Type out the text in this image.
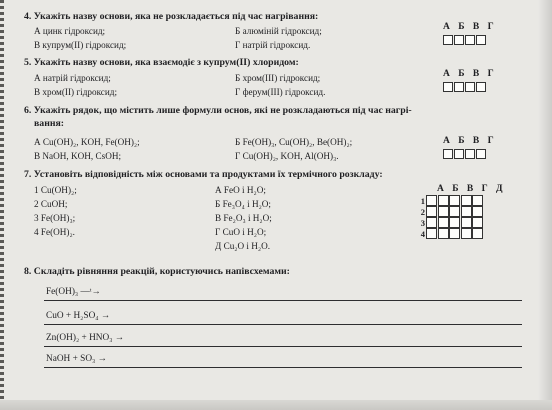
4. Укажіть назву основи, яка не розкладається під час нагрівання:
А цинк гідроксид;	Б алюміній гідроксид;
В купрум(ІІ) гідроксид;	Г натрій гідроксид.
А Б В Г
5. Укажіть назву основи, яка взаємодіє з купрум(ІІ) хлоридом:
А натрій гідроксид;	Б хром(ІІІ) гідроксид;
В хром(ІІ) гідроксид;	Г ферум(ІІІ) гідроксид.
А Б В Г
6. Укажіть рядок, що містить лише формули основ, які не розкладаються під час нагрі-
вання:
А Cu(OH)₂, KOH, Fe(OH)₂;	Б Fe(OH)₃, Cu(OH)₂, Be(OH)₂;
В NaOH, KOH, CsOH;	Г Cu(OH)₂, KOH, Al(OH)₃.
А Б В Г
7. Установіть відповідність між основами та продуктами їх термічного розкладу:
1 Cu(OH)₂;
2 CuOH;
3 Fe(OH)₃;
4 Fe(OH)₂.
А FeO і H₂O;
Б Fe₃O₄ і H₂O;
В Fe₂O₃ і H₂O;
Г CuO і H₂O;
Д Cu₂O і H₂O.
А Б В Г Д
1
2
3
4
8. Складіть рівняння реакцій, користуючись напівсхемами:
Fe(OH)₃ —ᵗ→
CuO + H₂SO₄ →
Zn(OH)₂ + HNO₃ →
NaOH + SO₃ →
